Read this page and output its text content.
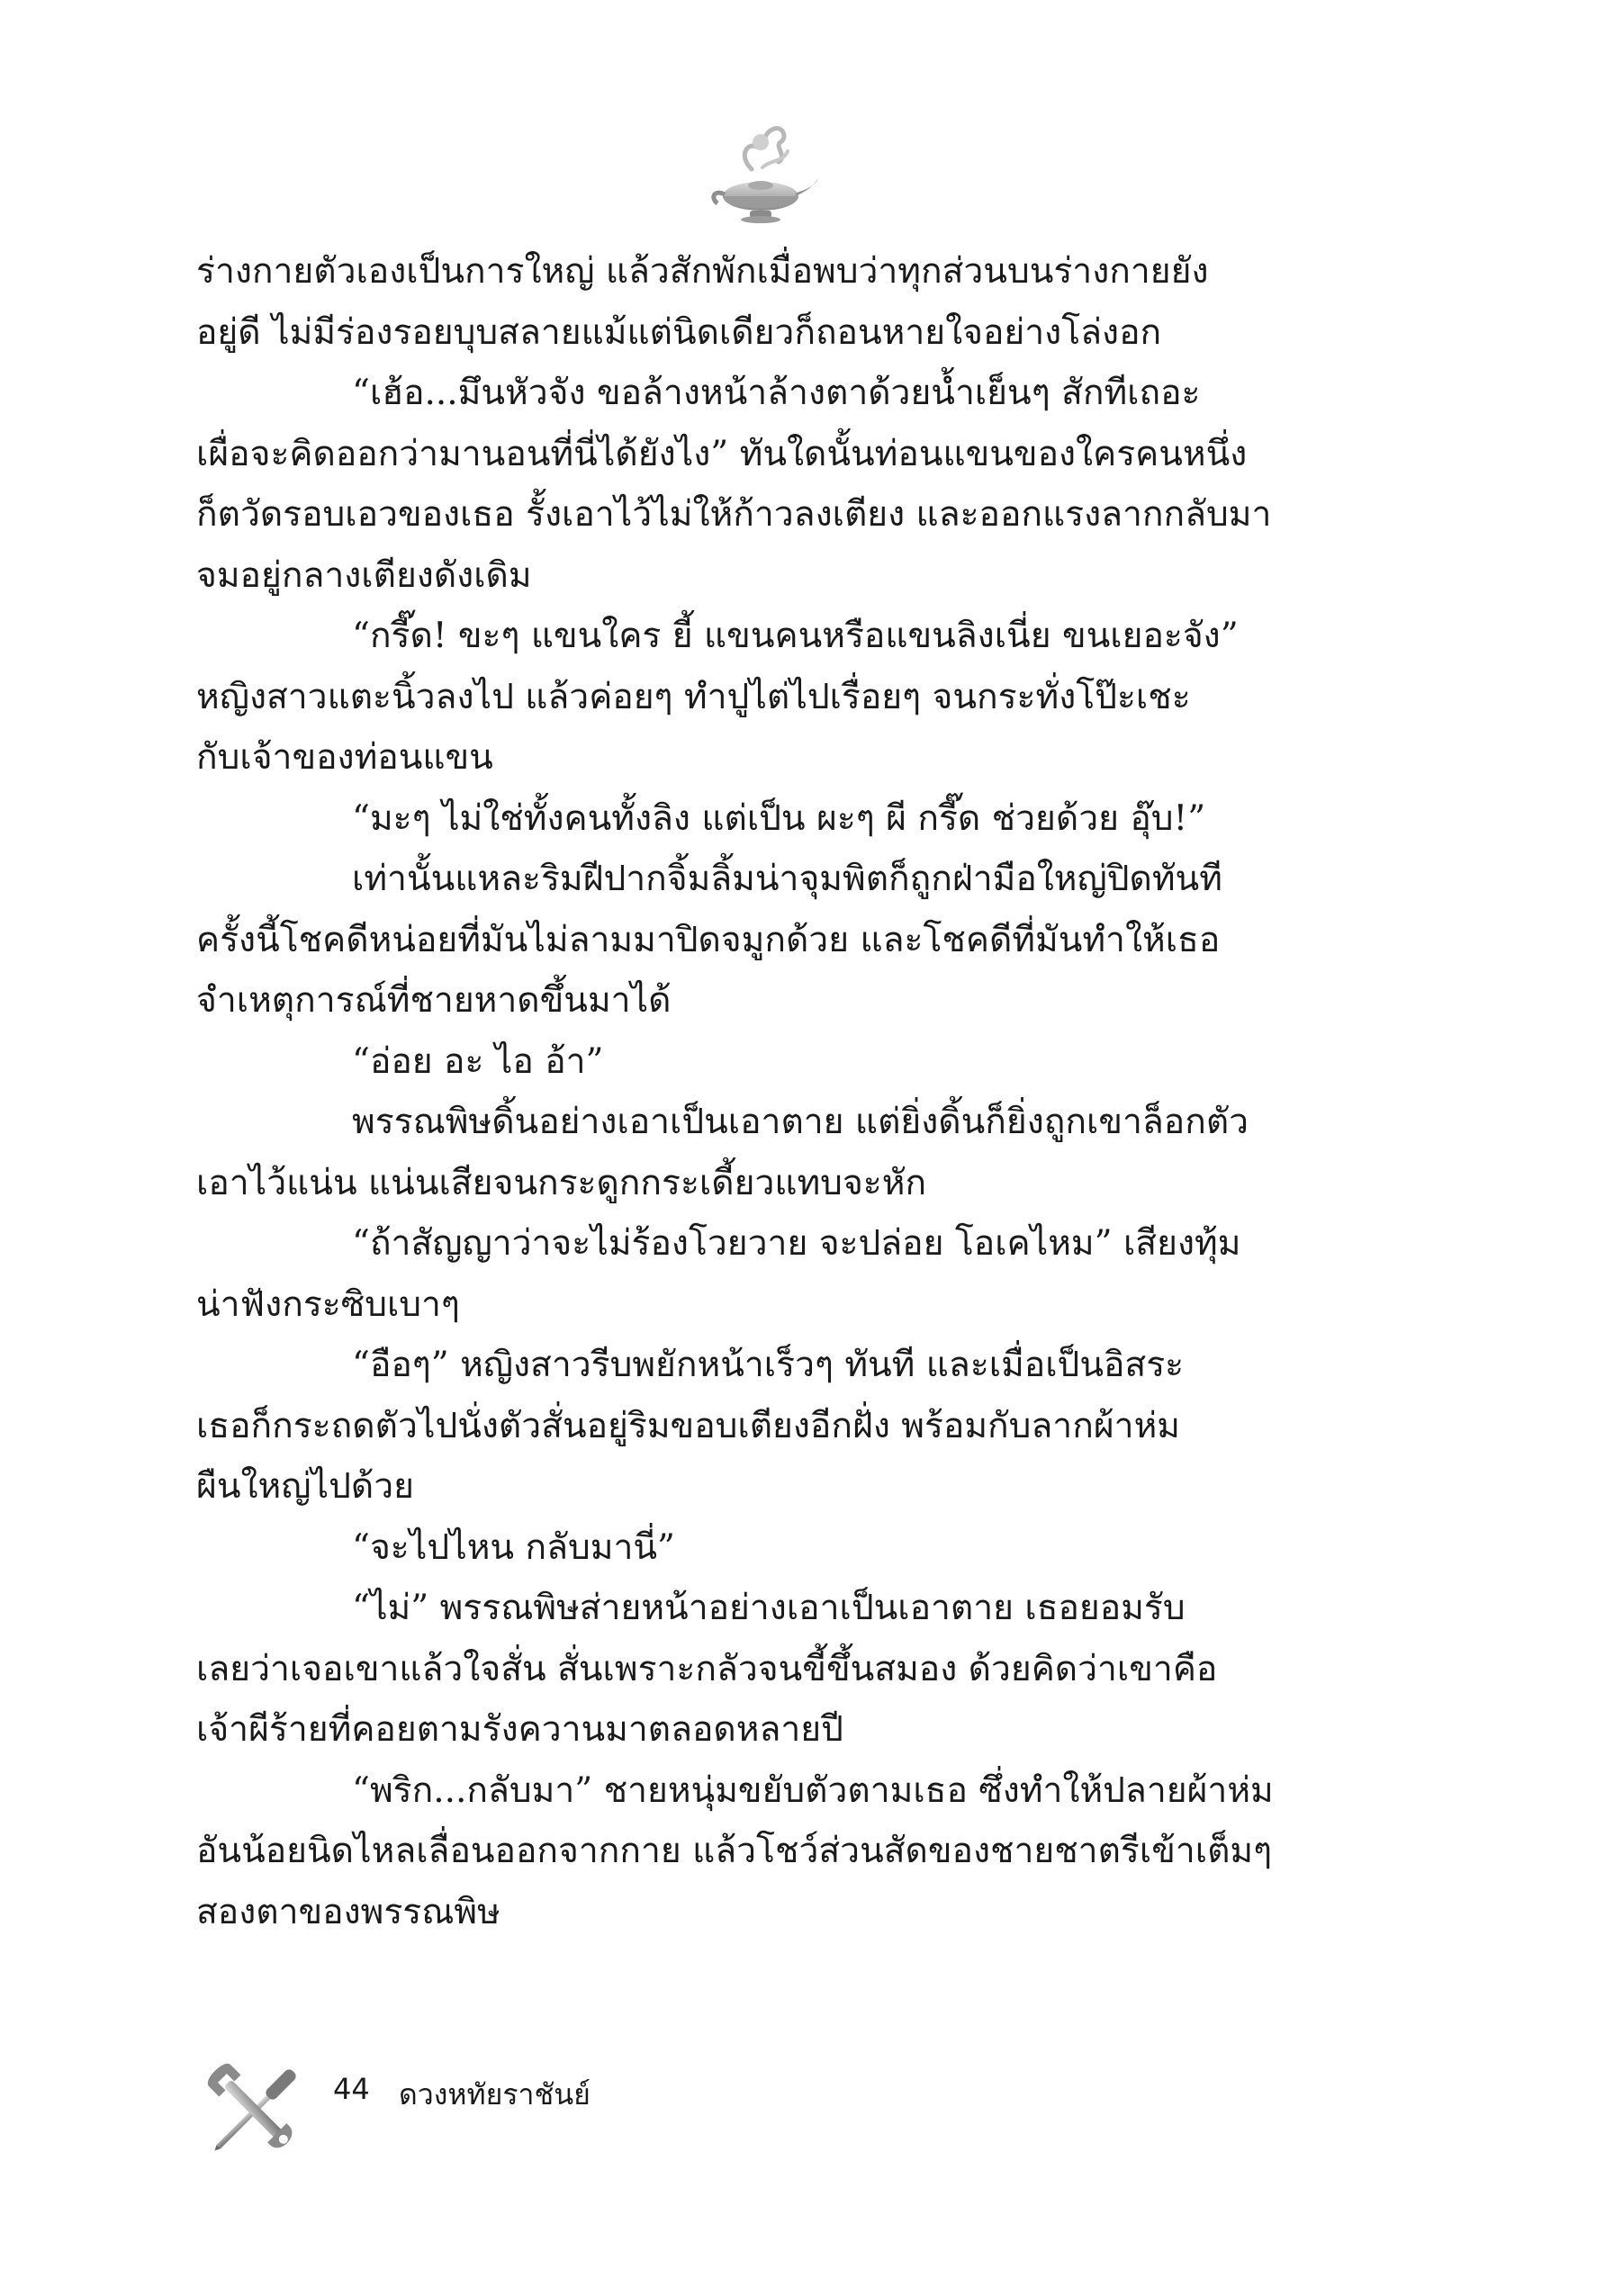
ร่างกายตัวเองเป็นการใหญ่ แล้วสักพักเมื่อพบว่าทุกส่วนบนร่างกายยัง
อยู่ดี ไม่มีร่องรอยบุบสลายแม้แต่นิดเดียวก็ถอนหายใจอย่างโล่งอก
“เฮ้อ...มึนหัวจัง ขอล้างหน้าล้างตาด้วยน้ำเย็นๆ สักทีเถอะ
เผื่อจะคิดออกว่ามานอนที่นี่ได้ยังไง” ทันใดนั้นท่อนแขนของใครคนหนึ่ง
ก็ตวัดรอบเอวของเธอ รั้งเอาไว้ไม่ให้ก้าวลงเตียง และออกแรงลากกลับมา
จมอยู่กลางเตียงดังเดิม
“กรี๊ด! ขะๆ แขนใคร ยี้ แขนคนหรือแขนลิงเนี่ย ขนเยอะจัง”
หญิงสาวแตะนิ้วลงไป แล้วค่อยๆ ทำปูไต่ไปเรื่อยๆ จนกระทั่งโป๊ะเชะ
กับเจ้าของท่อนแขน
“มะๆ ไม่ใช่ทั้งคนทั้งลิง แต่เป็น ผะๆ ผี กรี๊ด ช่วยด้วย อุ๊บ!”
เท่านั้นแหละริมฝีปากจิ้มลิ้มน่าจุมพิตก็ถูกฝ่ามือใหญ่ปิดทันที
ครั้งนี้โชคดีหน่อยที่มันไม่ลามมาปิดจมูกด้วย และโชคดีที่มันทำให้เธอ
จำเหตุการณ์ที่ชายหาดขึ้นมาได้
“อ่อย อะ ไอ อ้า”
พรรณพิษดิ้นอย่างเอาเป็นเอาตาย แต่ยิ่งดิ้นก็ยิ่งถูกเขาล็อกตัว
เอาไว้แน่น แน่นเสียจนกระดูกกระเดี้ยวแทบจะหัก
“ถ้าสัญญาว่าจะไม่ร้องโวยวาย จะปล่อย โอเคไหม” เสียงทุ้ม
น่าฟังกระซิบเบาๆ
“อือๆ” หญิงสาวรีบพยักหน้าเร็วๆ ทันที และเมื่อเป็นอิสระ
เธอก็กระถดตัวไปนั่งตัวสั่นอยู่ริมขอบเตียงอีกฝั่ง พร้อมกับลากผ้าห่ม
ผืนใหญ่ไปด้วย
“จะไปไหน กลับมานี่”
“ไม่” พรรณพิษส่ายหน้าอย่างเอาเป็นเอาตาย เธอยอมรับ
เลยว่าเจอเขาแล้วใจสั่น สั่นเพราะกลัวจนขี้ขึ้นสมอง ด้วยคิดว่าเขาคือ
เจ้าผีร้ายที่คอยตามรังควานมาตลอดหลายปี
“พริก...กลับมา” ชายหนุ่มขยับตัวตามเธอ ซึ่งทำให้ปลายผ้าห่ม
อันน้อยนิดไหลเลื่อนออกจากกาย แล้วโชว์ส่วนสัดของชายชาตรีเข้าเต็มๆ
สองตาของพรรณพิษ
44 ดวงหทัยราชันย์
